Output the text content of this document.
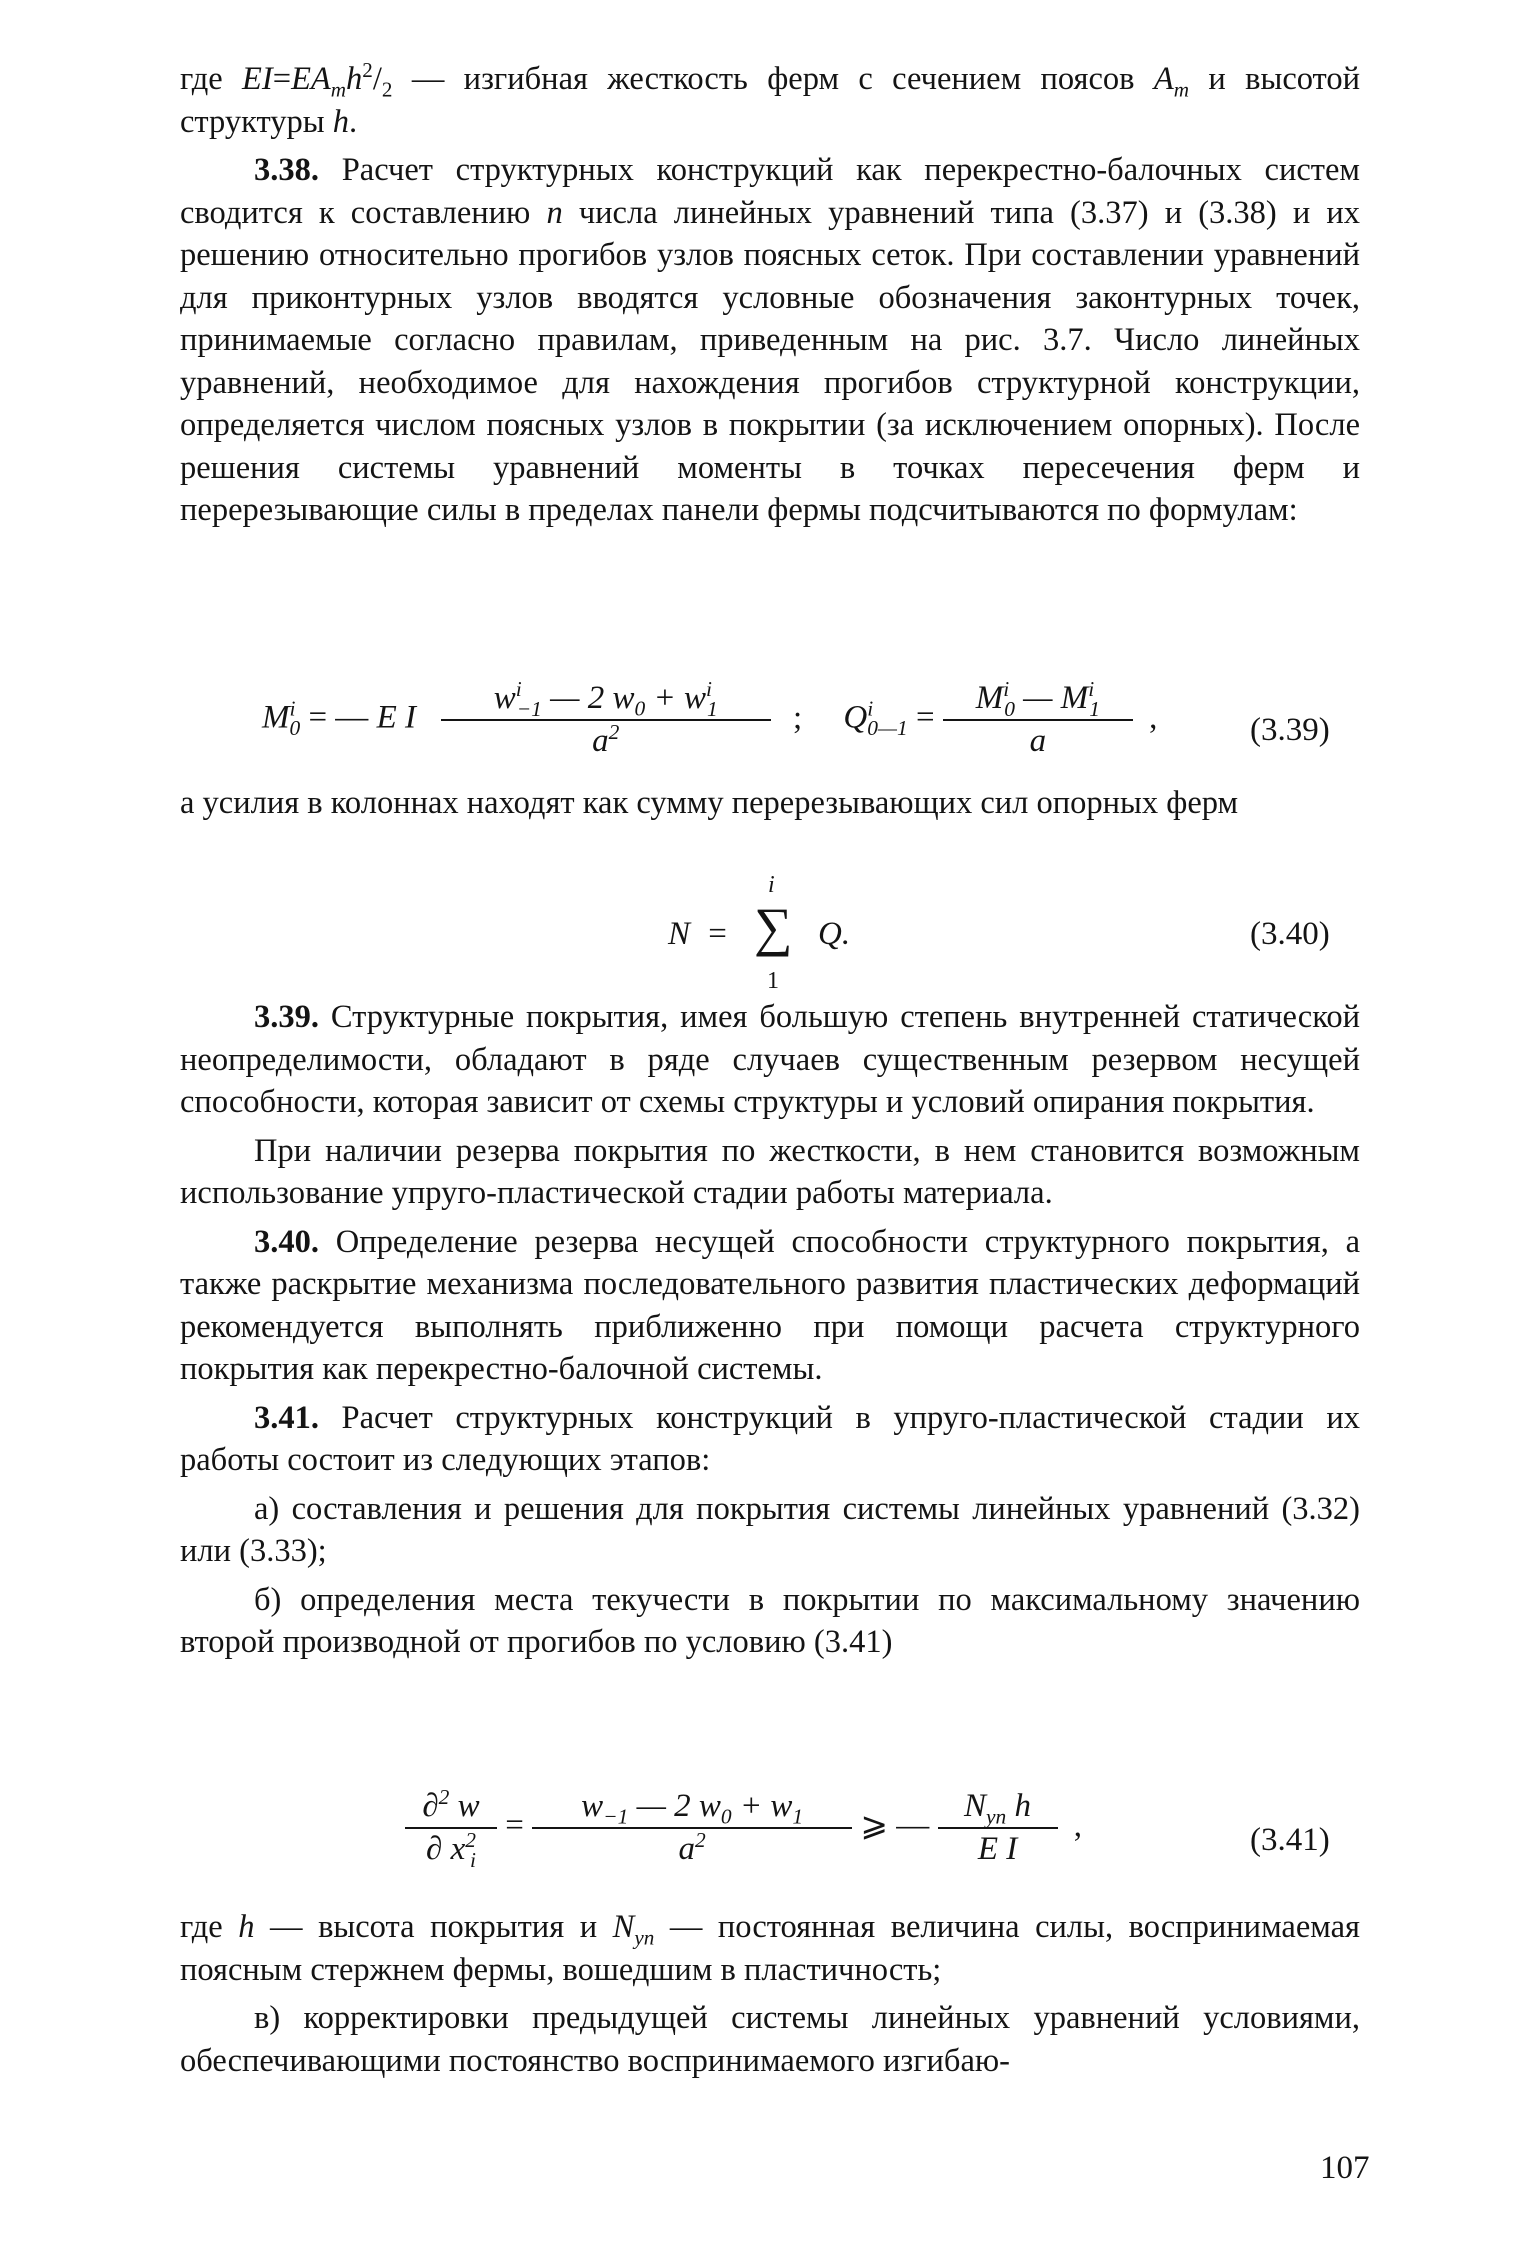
где $EI=EA_mh^2/_2$ — изгибная жесткость ферм с сечением поясов $A_m$ и высотой структуры h.

3.38. Расчет структурных конструкций как перекрестно-балочных систем сводится к составлению n числа линейных уравнений типа (3.37) и (3.38) и их решению относительно прогибов узлов поясных сеток. При составлении уравнений для приконтурных узлов вводятся условные обозначения законтурных точек, принимаемые согласно правилам, приведенным на рис. 3.7. Число линейных уравнений, необходимое для нахождения прогибов структурной конструкции, определяется числом поясных узлов в покрытии (за исключением опорных). После решения системы уравнений моменты в точках пересечения ферм и перерезывающие силы в пределах панели фермы подсчитываются по формулам:

$M^i_0$ = — E I  $\frac{w^i_{-1} — 2 w_0 + w^i_1}{a^2}$ ;  $Q^i_{0—1} = \frac{M^i_0 — M^i_1}{a}$ ,	(3.39)

а усилия в колоннах находят как сумму перерезывающих сил опорных ферм

N =
i
∑
1
Q.	(3.40)

3.39. Структурные покрытия, имея большую степень внутренней статической неопределимости, обладают в ряде случаев существенным резервом несущей способности, которая зависит от схемы структуры и условий опирания покрытия.

При наличии резерва покрытия по жесткости, в нем становится возможным использование упруго-пластической стадии работы материала.

3.40. Определение резерва несущей способности структурного покрытия, а также раскрытие механизма последовательного развития пластических деформаций рекомендуется выполнять приближенно при помощи расчета структурного покрытия как перекрестно-балочной системы.

3.41. Расчет структурных конструкций в упруго-пластической стадии их работы состоит из следующих этапов:

а) составления и решения для покрытия системы линейных уравнений (3.32) или (3.33);

б) определения места текучести в покрытии по максимальному значению второй производной от прогибов по условию (3.41)

$\frac{\partial^2 w}{\partial x^2_i} = \frac{w_{-1} — 2 w_0 + w_1}{a^2}$ ⩾ — $\frac{N_{yn} h}{\text{E I}}$ ,	(3.41)

где h — высота покрытия и $N_{yn}$ — постоянная величина силы, воспринимаемая поясным стержнем фермы, вошедшим в пластичность;

в) корректировки предыдущей системы линейных уравнений условиями, обеспечивающими постоянство воспринимаемого изгибаю-

107
